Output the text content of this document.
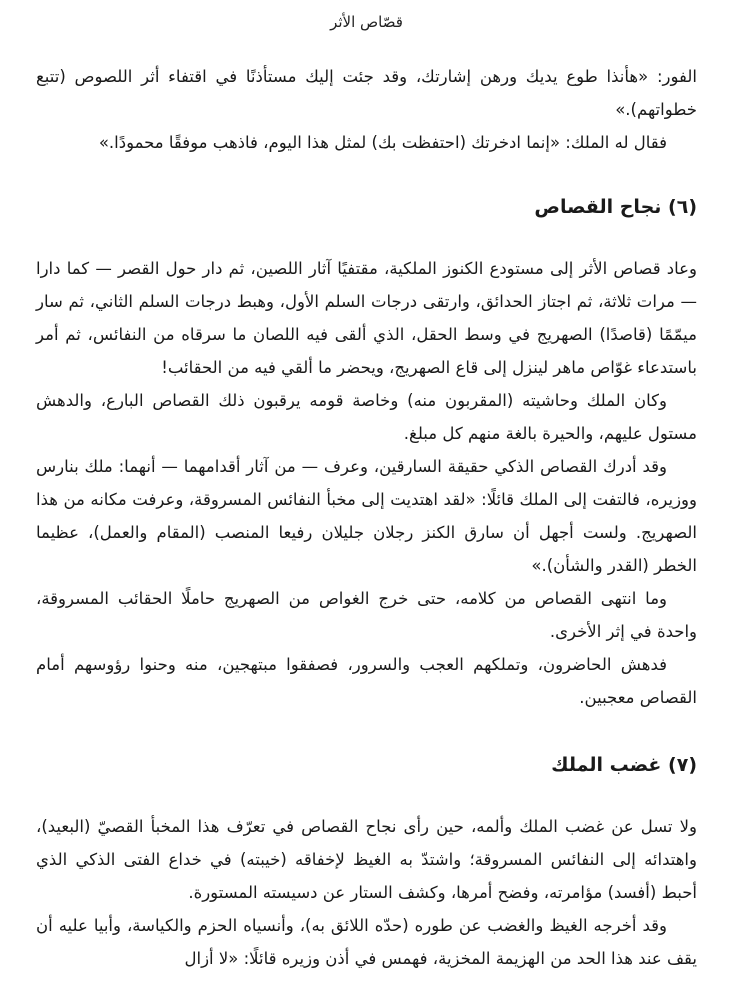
قصّاص الأثر

الفور: «هأنذا طوع يديك ورهن إشارتك، وقد جئت إليك مستأذنًا في اقتفاء أثر اللصوص (تتبع خطواتهم).»

فقال له الملك: «إنما ادخرتك (احتفظت بك) لمثل هذا اليوم، فاذهب موفقًا محمودًا.»

(٦) نجاح القصاص

وعاد قصاص الأثر إلى مستودع الكنوز الملكية، مقتفيًا آثار اللصين، ثم دار حول القصر — كما دارا — مرات ثلاثة، ثم اجتاز الحدائق، وارتقى درجات السلم الأول، وهبط درجات السلم الثاني، ثم سار ميمّمًا (قاصدًا) الصهريج في وسط الحقل، الذي ألقى فيه اللصان ما سرقاه من النفائس، ثم أمر باستدعاء غوّاص ماهر لينزل إلى قاع الصهريج، ويحضر ما ألقي فيه من الحقائب!

وكان الملك وحاشيته (المقربون منه) وخاصة قومه يرقبون ذلك القصاص البارع، والدهش مستول عليهم، والحيرة بالغة منهم كل مبلغ.

وقد أدرك القصاص الذكي حقيقة السارقين، وعرف — من آثار أقدامهما — أنهما: ملك بنارس ووزيره، فالتفت إلى الملك قائلًا: «لقد اهتديت إلى مخبأ النفائس المسروقة، وعرفت مكانه من هذا الصهريج. ولست أجهل أن سارق الكنز رجلان جليلان رفيعا المنصب (المقام والعمل)، عظيما الخطر (القدر والشأن).»

وما انتهى القصاص من كلامه، حتى خرج الغواص من الصهريج حاملًا الحقائب المسروقة، واحدة في إثر الأخرى.

فدهش الحاضرون، وتملكهم العجب والسرور، فصفقوا مبتهجين، منه وحنوا رؤوسهم أمام القصاص معجبين.

(٧) غضب الملك

ولا تسل عن غضب الملك وألمه، حين رأى نجاح القصاص في تعرّف هذا المخبأ القصيّ (البعيد)، واهتدائه إلى النفائس المسروقة؛ واشتدّ به الغيظ لإخفاقه (خيبته) في خداع الفتى الذكي الذي أحبط (أفسد) مؤامرته، وفضح أمرها، وكشف الستار عن دسيسته المستورة.

وقد أخرجه الغيظ والغضب عن طوره (حدّه اللائق به)، وأنسياه الحزم والكياسة، وأبيا عليه أن يقف عند هذا الحد من الهزيمة المخزية، فهمس في أذن وزيره قائلًا: «لا أزال
